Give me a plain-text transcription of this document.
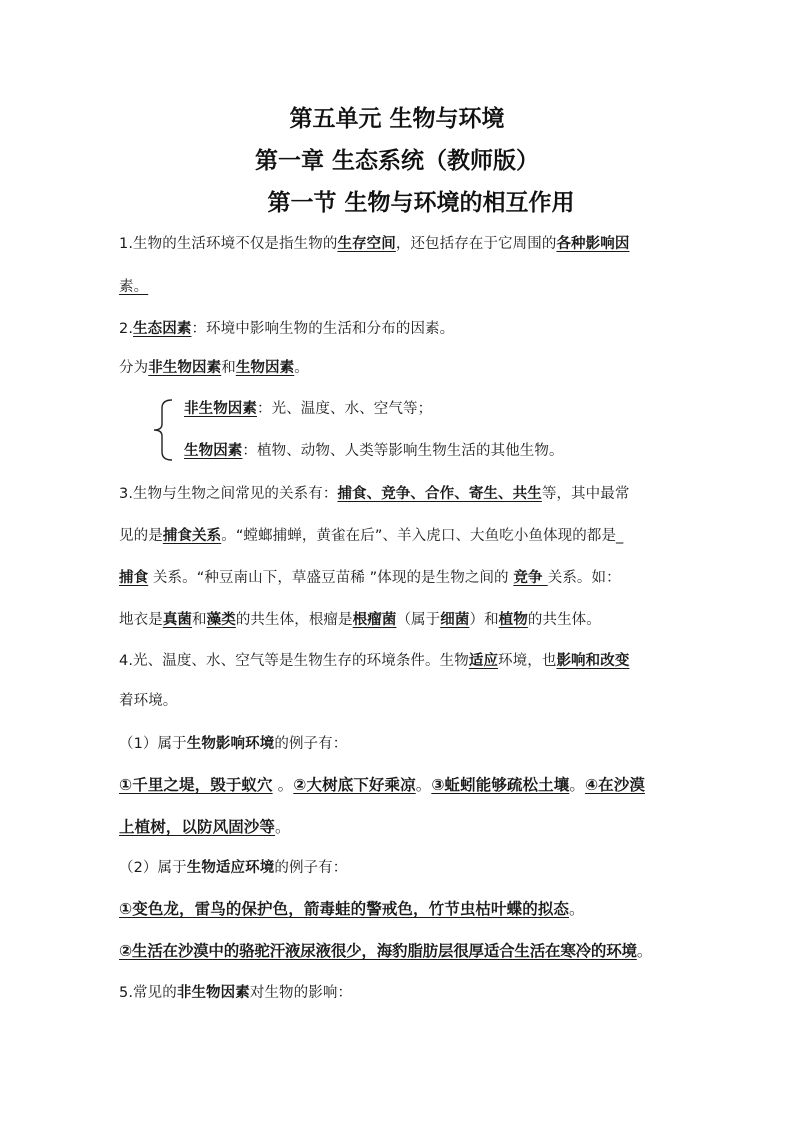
第五单元 生物与环境
第一章 生态系统（教师版）
第一节 生物与环境的相互作用
1.生物的生活环境不仅是指生物的生存空间，还包括存在于它周围的各种影响因
素。
2.生态因素：环境中影响生物的生活和分布的因素。
分为非生物因素和生物因素。
非生物因素：光、温度、水、空气等；
生物因素：植物、动物、人类等影响生物生活的其他生物。
3.生物与生物之间常见的关系有：捕食、竞争、合作、寄生、共生等，其中最常
见的是捕食关系。“螳螂捕蝉，黄雀在后”、羊入虎口、大鱼吃小鱼体现的都是_
捕食 关系。“种豆南山下，草盛豆苗稀 ”体现的是生物之间的 竞争 关系。如：
地衣是真菌和藻类的共生体，根瘤是根瘤菌（属于细菌）和植物的共生体。
4.光、温度、水、空气等是生物生存的环境条件。生物适应环境，也影响和改变
着环境。
（1）属于生物影响环境的例子有：
①千里之堤，毁于蚁穴 。②大树底下好乘凉。③蚯蚓能够疏松土壤。④在沙漠
上植树，以防风固沙等。
（2）属于生物适应环境的例子有：
①变色龙，雷鸟的保护色，箭毒蛙的警戒色，竹节虫枯叶蝶的拟态。
②生活在沙漠中的骆驼汗液尿液很少，海豹脂肪层很厚适合生活在寒冷的环境。
5.常见的非生物因素对生物的影响：
